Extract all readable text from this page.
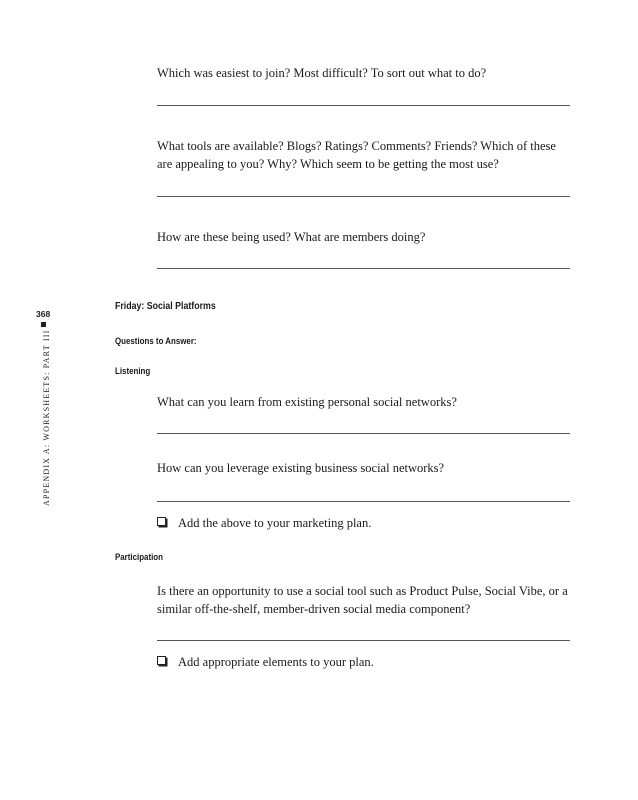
368
APPENDIX A: WORKSHEETS: PART III
Which was easiest to join? Most difficult? To sort out what to do?
What tools are available? Blogs? Ratings? Comments? Friends? Which of these are appealing to you? Why? Which seem to be getting the most use?
How are these being used? What are members doing?
Friday: Social Platforms
Questions to Answer:
Listening
What can you learn from existing personal social networks?
How can you leverage existing business social networks?
Add the above to your marketing plan.
Participation
Is there an opportunity to use a social tool such as Product Pulse, Social Vibe, or a similar off-the-shelf, member-driven social media component?
Add appropriate elements to your plan.
